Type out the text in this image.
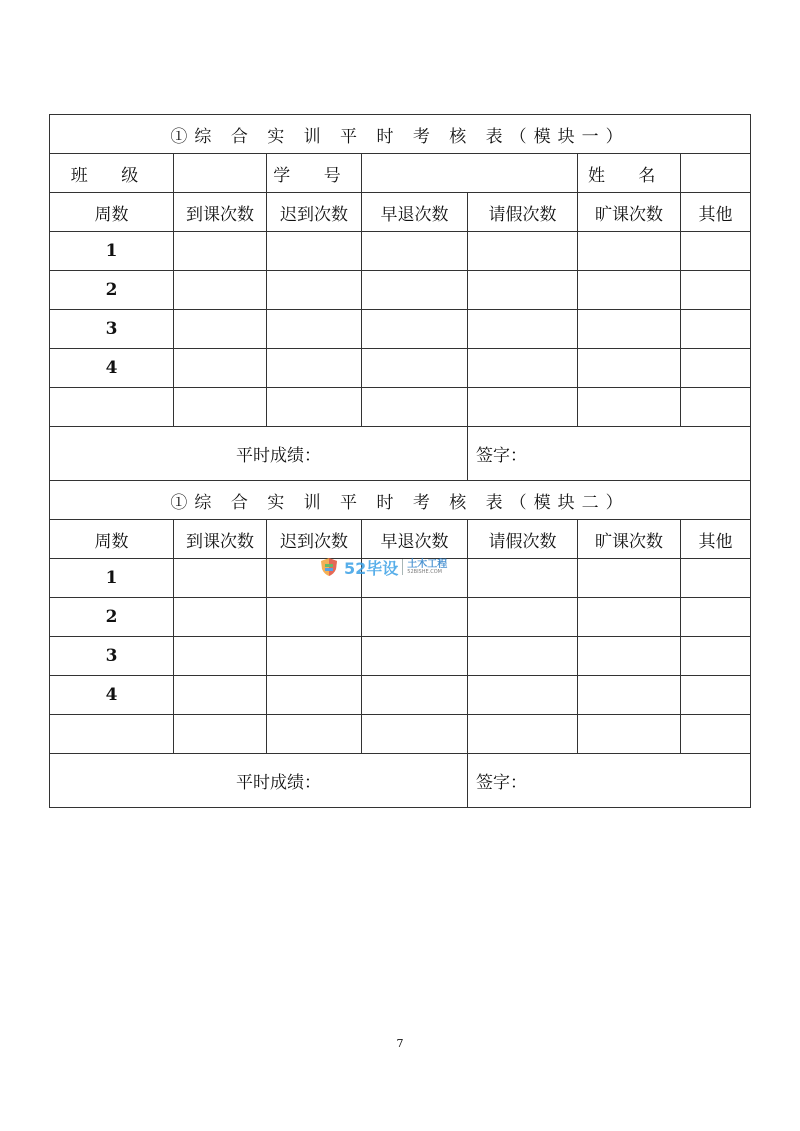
①综 合 实 训 平 时 考 核 表（模块一）						
班 级		学 号			姓 名	
周数	到课次数	迟到次数	早退次数	请假次数	旷课次数	其他
1						
2						
3						
4						

平时成绩：				签字：		
①综 合 实 训 平 时 考 核 表（模块二）						
周数	到课次数	迟到次数	早退次数	请假次数	旷课次数	其他
1						
2						
3						
4						

平时成绩：				签字：		
52毕设 土木工程
52BISHE.COM
7
